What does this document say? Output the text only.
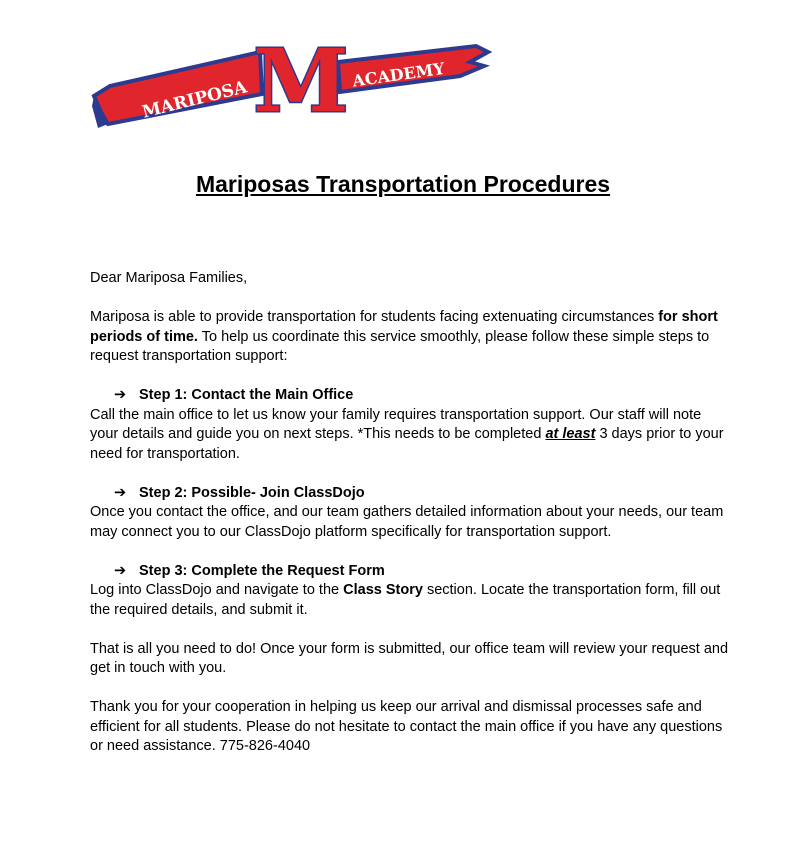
MARIPOSA
ACADEMY
M
Mariposas Transportation Procedures

Dear Mariposa Families,

Mariposa is able to provide transportation for students facing extenuating circumstances for short periods of time. To help us coordinate this service smoothly, please follow these simple steps to request transportation support:

➔ Step 1: Contact the Main Office

Call the main office to let us know your family requires transportation support. Our staff will note your details and guide you on next steps. *This needs to be completed at least 3 days prior to your need for transportation.

➔ Step 2: Possible- Join ClassDojo

Once you contact the office, and our team gathers detailed information about your needs, our team may connect you to our ClassDojo platform specifically for transportation support.

➔ Step 3: Complete the Request Form

Log into ClassDojo and navigate to the Class Story section. Locate the transportation form, fill out the required details, and submit it.

That is all you need to do! Once your form is submitted, our office team will review your request and get in touch with you.

Thank you for your cooperation in helping us keep our arrival and dismissal processes safe and efficient for all students. Please do not hesitate to contact the main office if you have any questions or need assistance. 775-826-4040
